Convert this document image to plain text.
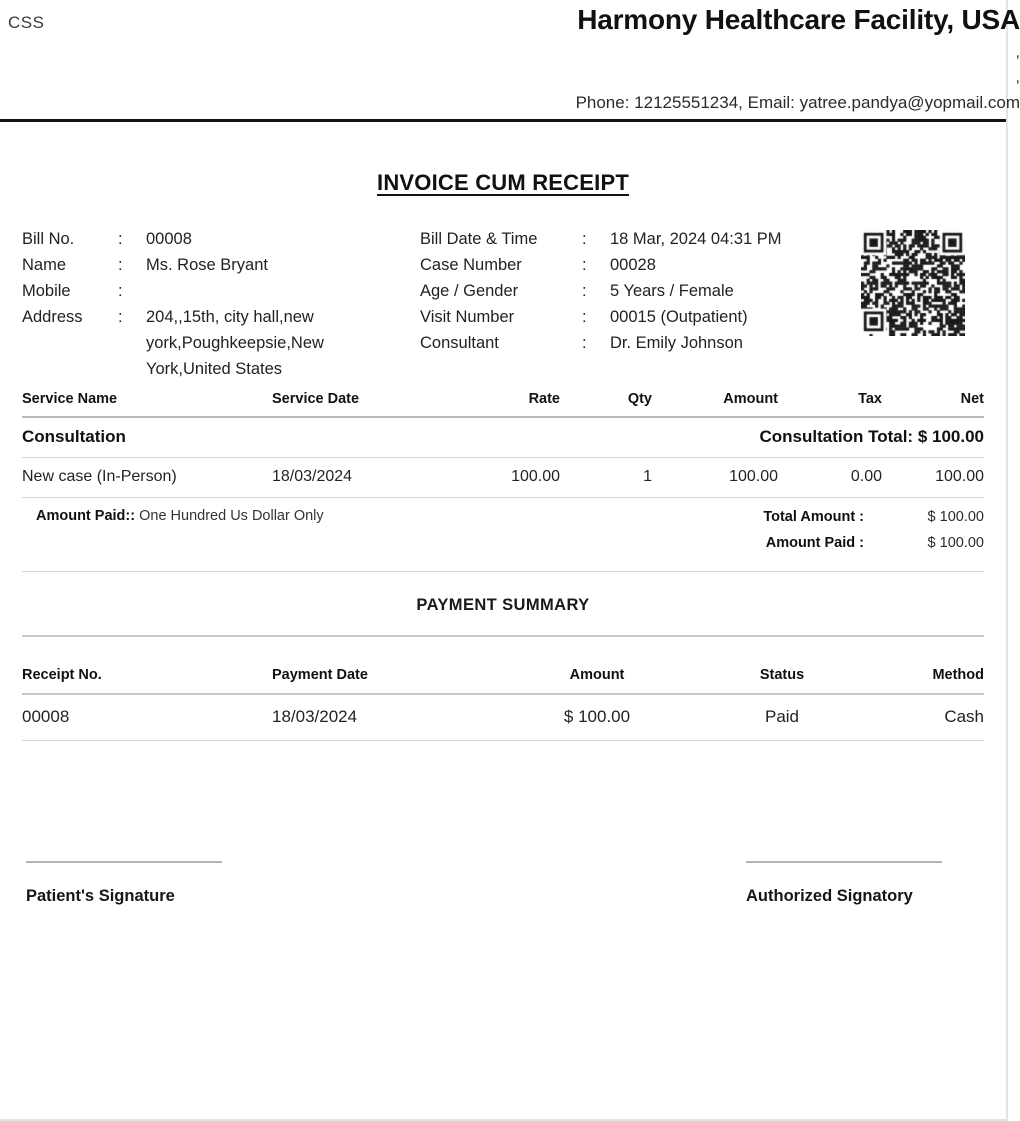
CSS	Harmony Healthcare Facility, USA
,
,
Phone: 12125551234, Email: yatree.pandya@yopmail.com
INVOICE CUM RECEIPT
Bill No.	:	00008
Name	:	Ms. Rose Bryant
Mobile	:
Address	:	204,,15th, city hall,new york,Poughkeepsie,New York,United States
Bill Date & Time	:	18 Mar, 2024 04:31 PM
Case Number	:	00028
Age / Gender	:	5 Years / Female
Visit Number	:	00015 (Outpatient)
Consultant	:	Dr. Emily Johnson
Service Name	Service Date	Rate	Qty	Amount	Tax	Net
Consultation			Consultation Total: $ 100.00			
New case (In-Person)	18/03/2024	100.00	1	100.00	0.00	100.00
Amount Paid:: One Hundred Us Dollar Only	Total Amount :	$ 100.00
Amount Paid :	$ 100.00
PAYMENT SUMMARY
Receipt No.	Payment Date	Amount	Status	Method
00008	18/03/2024	$ 100.00	Paid	Cash
Patient's Signature	Authorized Signatory
